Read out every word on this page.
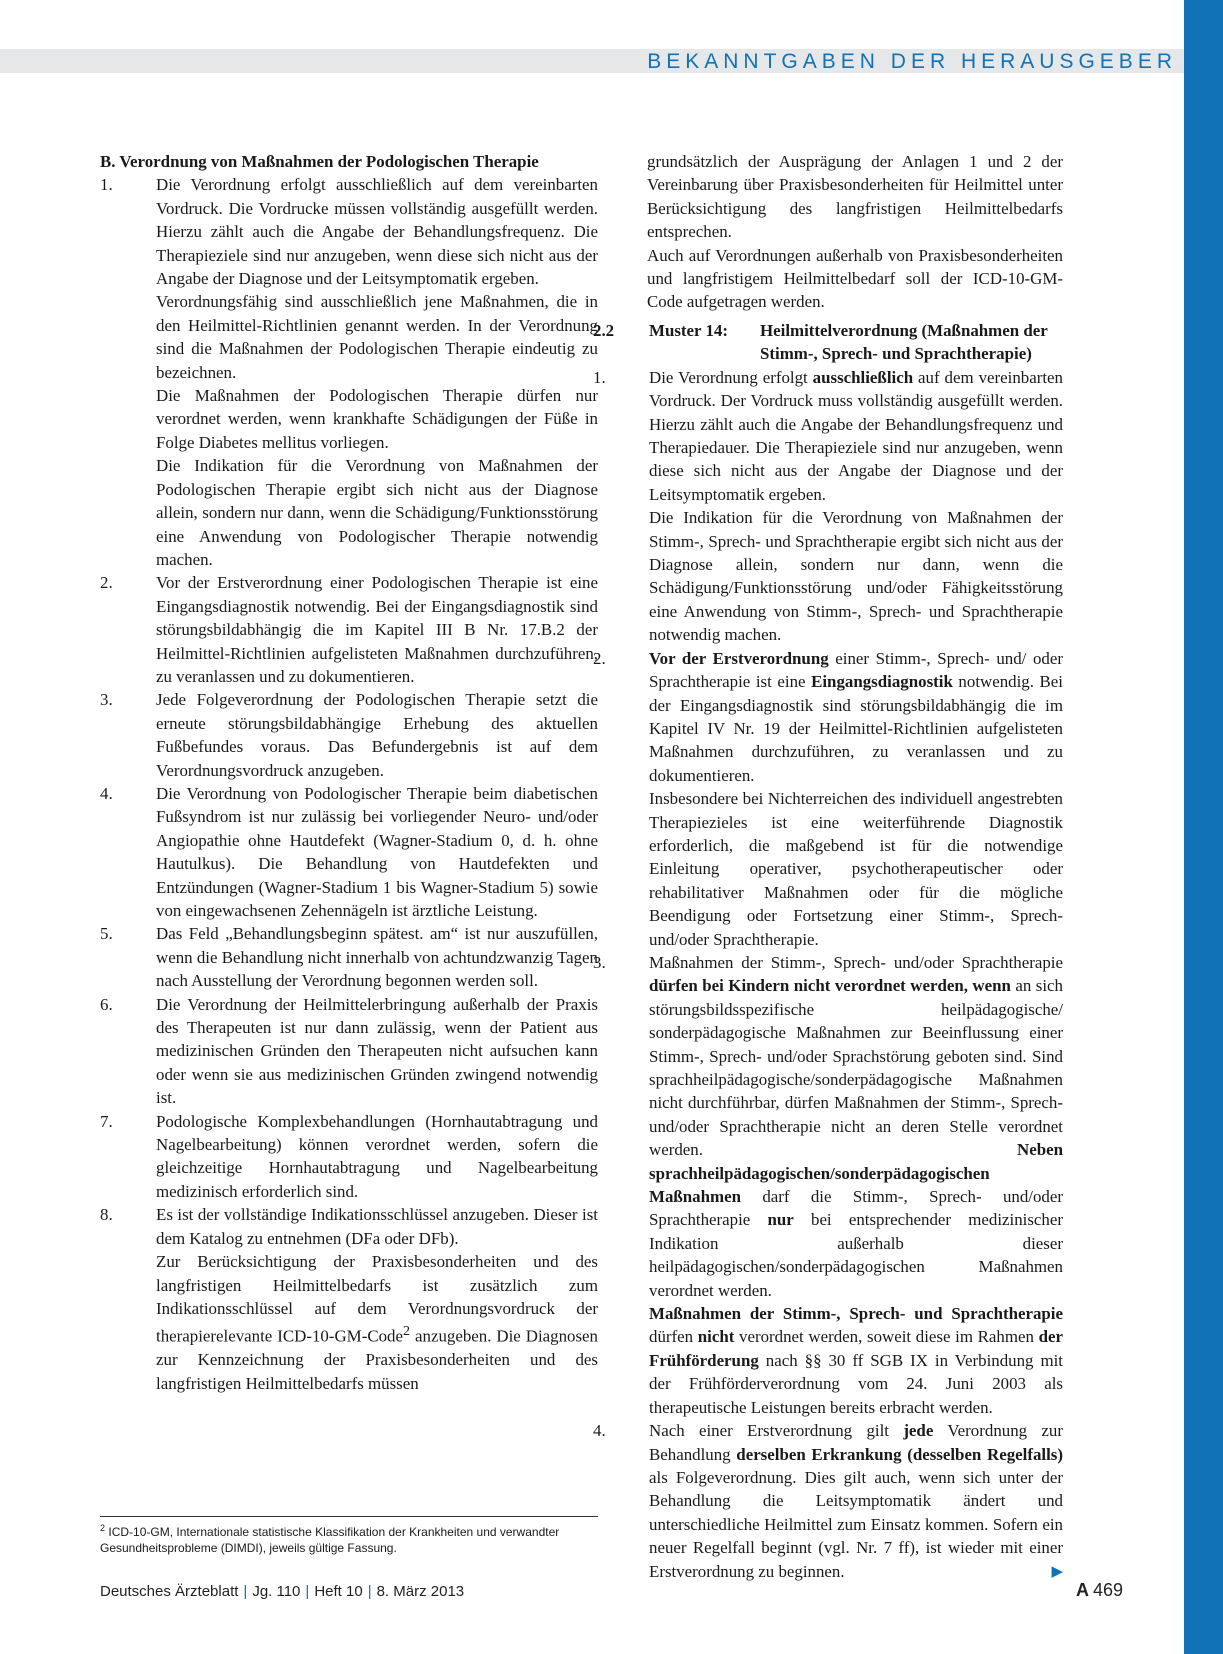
BEKANNTGABEN DER HERAUSGEBER

B. Verordnung von Maßnahmen der Podologischen Therapie

1.	Die Verordnung erfolgt ausschließlich auf dem vereinbarten Vordruck. Die Vordrucke müssen vollständig ausgefüllt werden. Hierzu zählt auch die Angabe der Behandlungsfrequenz. Die Therapieziele sind nur anzugeben, wenn diese sich nicht aus der Angabe der Diagnose und der Leitsymptomatik ergeben.

Verordnungsfähig sind ausschließlich jene Maßnahmen, die in den Heilmittel-Richtlinien genannt werden. In der Verordnung sind die Maßnahmen der Podologischen Therapie eindeutig zu bezeichnen.

Die Maßnahmen der Podologischen Therapie dürfen nur verordnet werden, wenn krankhafte Schädigungen der Füße in Folge Diabetes mellitus vorliegen.

Die Indikation für die Verordnung von Maßnahmen der Podologischen Therapie ergibt sich nicht aus der Diagnose allein, sondern nur dann, wenn die Schädigung/Funktionsstörung eine Anwendung von Podologischer Therapie notwendig machen.

2.	Vor der Erstverordnung einer Podologischen Therapie ist eine Eingangsdiagnostik notwendig. Bei der Eingangsdiagnostik sind störungsbildabhängig die im Kapitel III B Nr. 17.B.2 der Heilmittel-Richtlinien aufgelisteten Maßnahmen durchzuführen, zu veranlassen und zu dokumentieren.

3.	Jede Folgeverordnung der Podologischen Therapie setzt die erneute störungsbildabhängige Erhebung des aktuellen Fußbefundes voraus. Das Befundergebnis ist auf dem Verordnungsvordruck anzugeben.

4.	Die Verordnung von Podologischer Therapie beim diabetischen Fußsyndrom ist nur zulässig bei vorliegender Neuro- und/oder Angiopathie ohne Hautdefekt (Wagner-Stadium 0, d. h. ohne Hautulkus). Die Behandlung von Hautdefekten und Entzündungen (Wagner-Stadium 1 bis Wagner-Stadium 5) sowie von eingewachsenen Zehennägeln ist ärztliche Leistung.

5.	Das Feld „Behandlungsbeginn spätest. am“ ist nur auszufüllen, wenn die Behandlung nicht innerhalb von achtundzwanzig Tagen nach Ausstellung der Verordnung begonnen werden soll.

6.	Die Verordnung der Heilmittelerbringung außerhalb der Praxis des Therapeuten ist nur dann zulässig, wenn der Patient aus medizinischen Gründen den Therapeuten nicht aufsuchen kann oder wenn sie aus medizinischen Gründen zwingend notwendig ist.

7.	Podologische Komplexbehandlungen (Hornhautabtragung und Nagelbearbeitung) können verordnet werden, sofern die gleichzeitige Hornhautabtragung und Nagelbearbeitung medizinisch erforderlich sind.

8.	Es ist der vollständige Indikationsschlüssel anzugeben. Dieser ist dem Katalog zu entnehmen (DFa oder DFb).

Zur Berücksichtigung der Praxisbesonderheiten und des langfristigen Heilmittelbedarfs ist zusätzlich zum Indikationsschlüssel auf dem Verordnungsvordruck der therapierelevante ICD-10-GM-Code$^2$ anzugeben. Die Diagnosen zur Kennzeichnung der Praxisbesonderheiten und des langfristigen Heilmittelbedarfs müssen

grundsätzlich der Ausprägung der Anlagen 1 und 2 der Vereinbarung über Praxisbesonderheiten für Heilmittel unter Berücksichtigung des langfristigen Heilmittelbedarfs entsprechen.

Auch auf Verordnungen außerhalb von Praxisbesonderheiten und langfristigem Heilmittelbedarf soll der ICD-10-GM-Code aufgetragen werden.

2.2	Muster 14:	Heilmittelverordnung (Maßnahmen der Stimm-, Sprech- und Sprachtherapie)
1.	Die Verordnung erfolgt ausschließlich auf dem vereinbarten Vordruck. Der Vordruck muss vollständig ausgefüllt werden. Hierzu zählt auch die Angabe der Behandlungsfrequenz und Therapiedauer. Die Therapieziele sind nur anzugeben, wenn diese sich nicht aus der Angabe der Diagnose und der Leitsymptomatik ergeben.

Die Indikation für die Verordnung von Maßnahmen der Stimm-, Sprech- und Sprachtherapie ergibt sich nicht aus der Diagnose allein, sondern nur dann, wenn die Schädigung/Funktionsstörung und/oder Fähigkeitsstörung eine Anwendung von Stimm-, Sprech- und Sprachtherapie notwendig machen.

2.	Vor der Erstverordnung einer Stimm-, Sprech- und/ oder Sprachtherapie ist eine Eingangsdiagnostik notwendig. Bei der Eingangsdiagnostik sind störungsbildabhängig die im Kapitel IV Nr. 19 der Heilmittel-Richtlinien aufgelisteten Maßnahmen durchzuführen, zu veranlassen und zu dokumentieren.

Insbesondere bei Nichterreichen des individuell angestrebten Therapiezieles ist eine weiterführende Diagnostik erforderlich, die maßgebend ist für die notwendige Einleitung operativer, psychotherapeutischer oder rehabilitativer Maßnahmen oder für die mögliche Beendigung oder Fortsetzung einer Stimm-, Sprech- und/oder Sprachtherapie.

3.	Maßnahmen der Stimm-, Sprech- und/oder Sprachtherapie dürfen bei Kindern nicht verordnet werden, wenn an sich störungsbildsspezifische heilpädagogische/ sonderpädagogische Maßnahmen zur Beeinflussung einer Stimm-, Sprech- und/oder Sprachstörung geboten sind. Sind sprachheilpädagogische/sonderpädagogische Maßnahmen nicht durchführbar, dürfen Maßnahmen der Stimm-, Sprech- und/oder Sprachtherapie nicht an deren Stelle verordnet werden. Neben sprachheilpädagogischen/sonderpädagogischen Maßnahmen darf die Stimm-, Sprech- und/oder Sprachtherapie nur bei entsprechender medizinischer Indikation außerhalb dieser heilpädagogischen/sonderpädagogischen Maßnahmen verordnet werden.

Maßnahmen der Stimm-, Sprech- und Sprachtherapie dürfen nicht verordnet werden, soweit diese im Rahmen der Frühförderung nach §§ 30 ff SGB IX in Verbindung mit der Frühförderverordnung vom 24. Juni 2003 als therapeutische Leistungen bereits erbracht werden.

4.	Nach einer Erstverordnung gilt jede Verordnung zur Behandlung derselben Erkrankung (desselben Regelfalls) als Folgeverordnung. Dies gilt auch, wenn sich unter der Behandlung die Leitsymptomatik ändert und unterschiedliche Heilmittel zum Einsatz kommen. Sofern ein neuer Regelfall beginnt (vgl. Nr. 7 ff), ist wieder mit einer Erstverordnung zu beginnen.	▶

$^2$ ICD-10-GM, Internationale statistische Klassifikation der Krankheiten und verwandter Gesundheitsprobleme (DIMDI), jeweils gültige Fassung.
Deutsches Ärzteblatt | Jg. 110 | Heft 10 | 8. März 2013	A 469
